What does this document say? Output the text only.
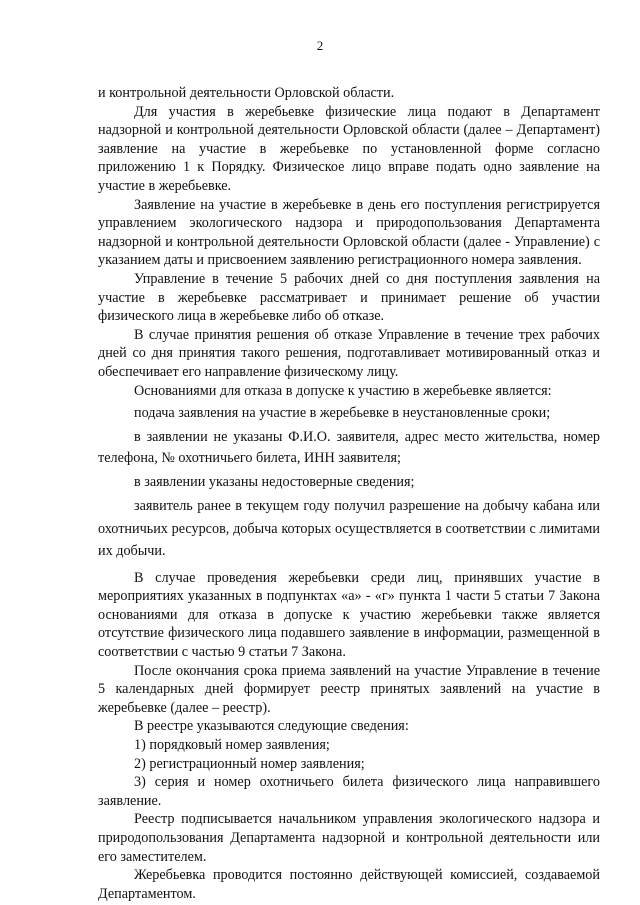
2

и контрольной деятельности Орловской области.

Для участия в жеребьевке физические лица подают в Департамент надзорной и контрольной деятельности Орловской области (далее – Департамент) заявление на участие в жеребьевке по установленной форме согласно приложению 1 к Порядку. Физическое лицо вправе подать одно заявление на участие в жеребьевке.

Заявление на участие в жеребьевке в день его поступления регистрируется управлением экологического надзора и природопользования Департамента надзорной и контрольной деятельности Орловской области (далее - Управление) с указанием даты и присвоением заявлению регистрационного номера заявления.

Управление в течение 5 рабочих дней со дня поступления заявления на участие в жеребьевке рассматривает и принимает решение об участии физического лица в жеребьевке либо об отказе.

В случае принятия решения об отказе Управление в течение трех рабочих дней со дня принятия такого решения, подготавливает мотивированный отказ и обеспечивает его направление физическому лицу.

Основаниями для отказа в допуске к участию в жеребьевке является:

подача заявления на участие в жеребьевке в неустановленные сроки;

в заявлении не указаны Ф.И.О. заявителя, адрес место жительства, номер телефона, № охотничьего билета, ИНН заявителя;

в заявлении указаны недостоверные сведения;

заявитель ранее в текущем году получил разрешение на добычу кабана или охотничьих ресурсов, добыча которых осуществляется в соответствии с лимитами их добычи.

В случае проведения жеребьевки среди лиц, принявших участие в мероприятиях указанных в подпунктах «а» - «г» пункта 1 части 5 статьи 7 Закона основаниями для отказа в допуске к участию жеребьевки также является отсутствие физического лица подавшего заявление в информации, размещенной в соответствии с частью 9 статьи 7 Закона.

После окончания срока приема заявлений на участие Управление в течение 5 календарных дней формирует реестр принятых заявлений на участие в жеребьевке (далее – реестр).

В реестре указываются следующие сведения:

1) порядковый номер заявления;

2) регистрационный номер заявления;

3) серия и номер охотничьего билета физического лица направившего заявление.

Реестр подписывается начальником управления экологического надзора и природопользования Департамента надзорной и контрольной деятельности или его заместителем.

Жеребьевка проводится постоянно действующей комиссией, создаваемой Департаментом.
